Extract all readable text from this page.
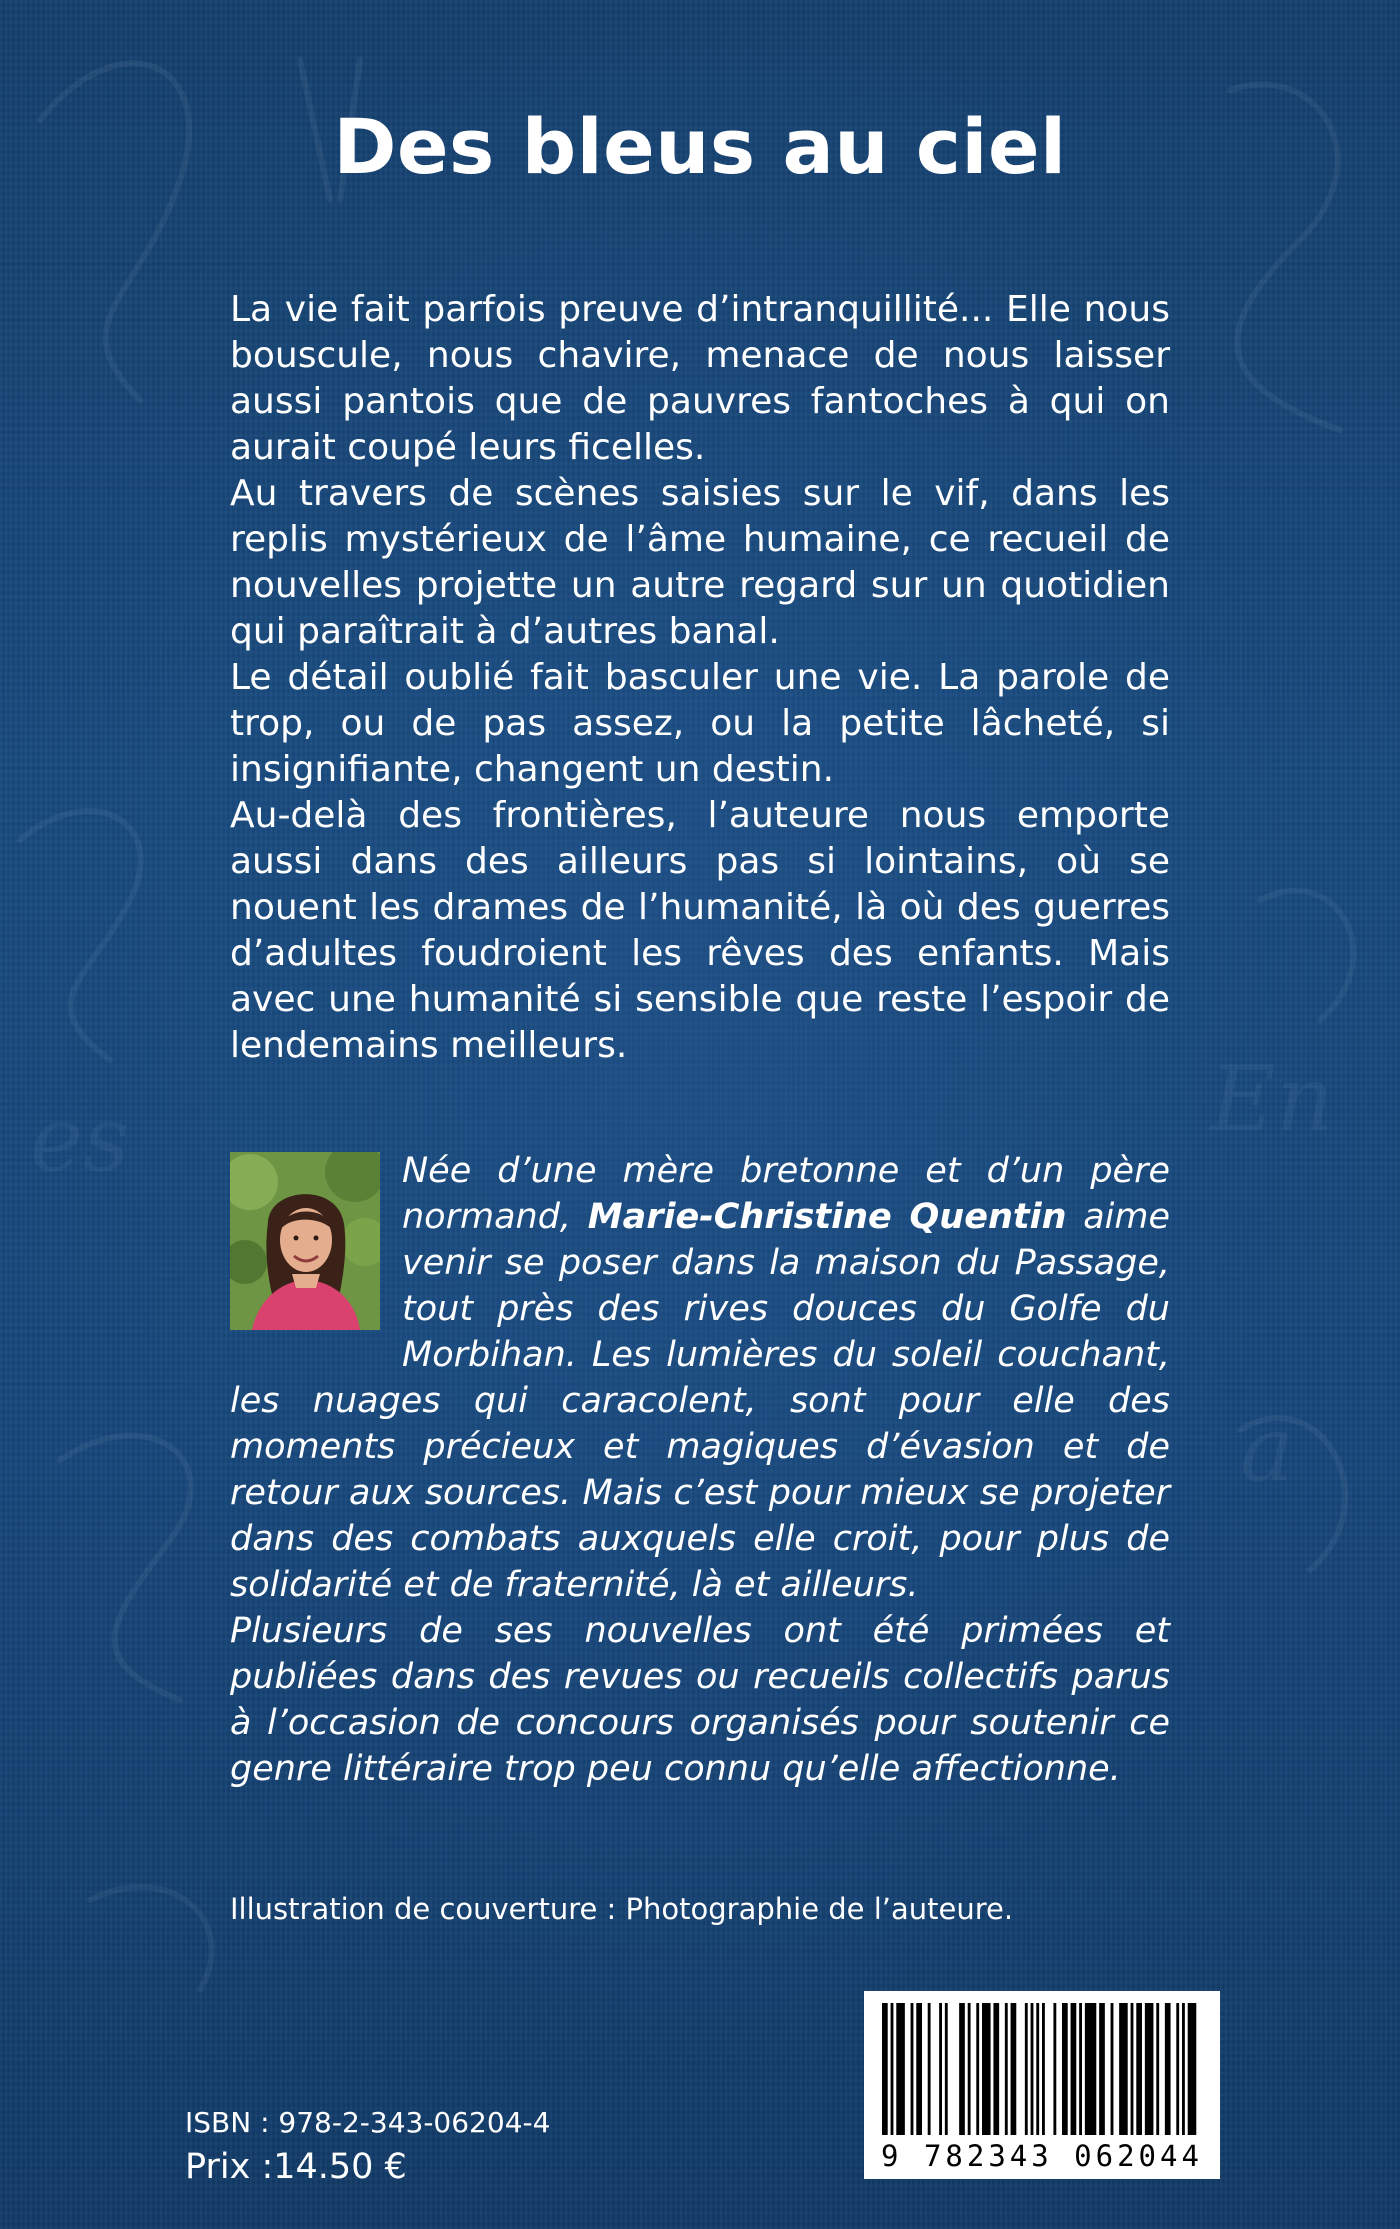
En
a
es
Des bleus au ciel

La vie fait parfois preuve d’intranquillité... Elle nous bouscule, nous chavire, menace de nous laisser aussi pantois que de pauvres fantoches à qui on aurait coupé leurs ficelles.

Au travers de scènes saisies sur le vif, dans les replis mystérieux de l’âme humaine, ce recueil de nouvelles projette un autre regard sur un quotidien qui paraîtrait à d’autres banal.

Le détail oublié fait basculer une vie. La parole de trop, ou de pas assez, ou la petite lâcheté, si insignifiante, changent un destin.

Au-delà des frontières, l’auteure nous emporte aussi dans des ailleurs pas si lointains, où se nouent les drames de l’humanité, là où des guerres d’adultes foudroient les rêves des enfants. Mais avec une humanité si sensible que reste l’espoir de lendemains meilleurs.

Née d’une mère bretonne et d’un père normand, Marie-Christine Quentin aime venir se poser dans la maison du Passage, tout près des rives douces du Golfe du Morbihan. Les lumières du soleil couchant, les nuages qui caracolent, sont pour elle des moments précieux et magiques d’évasion et de retour aux sources. Mais c’est pour mieux se projeter dans des combats auxquels elle croit, pour plus de solidarité et de fraternité, là et ailleurs.

Plusieurs de ses nouvelles ont été primées et publiées dans des revues ou recueils collectifs parus à l’occasion de concours organisés pour soutenir ce genre littéraire trop peu connu qu’elle affectionne.

Illustration de couverture : Photographie de l’auteure.
9 782343 062044
ISBN : 978-2-343-06204-4
Prix :14.50 €
